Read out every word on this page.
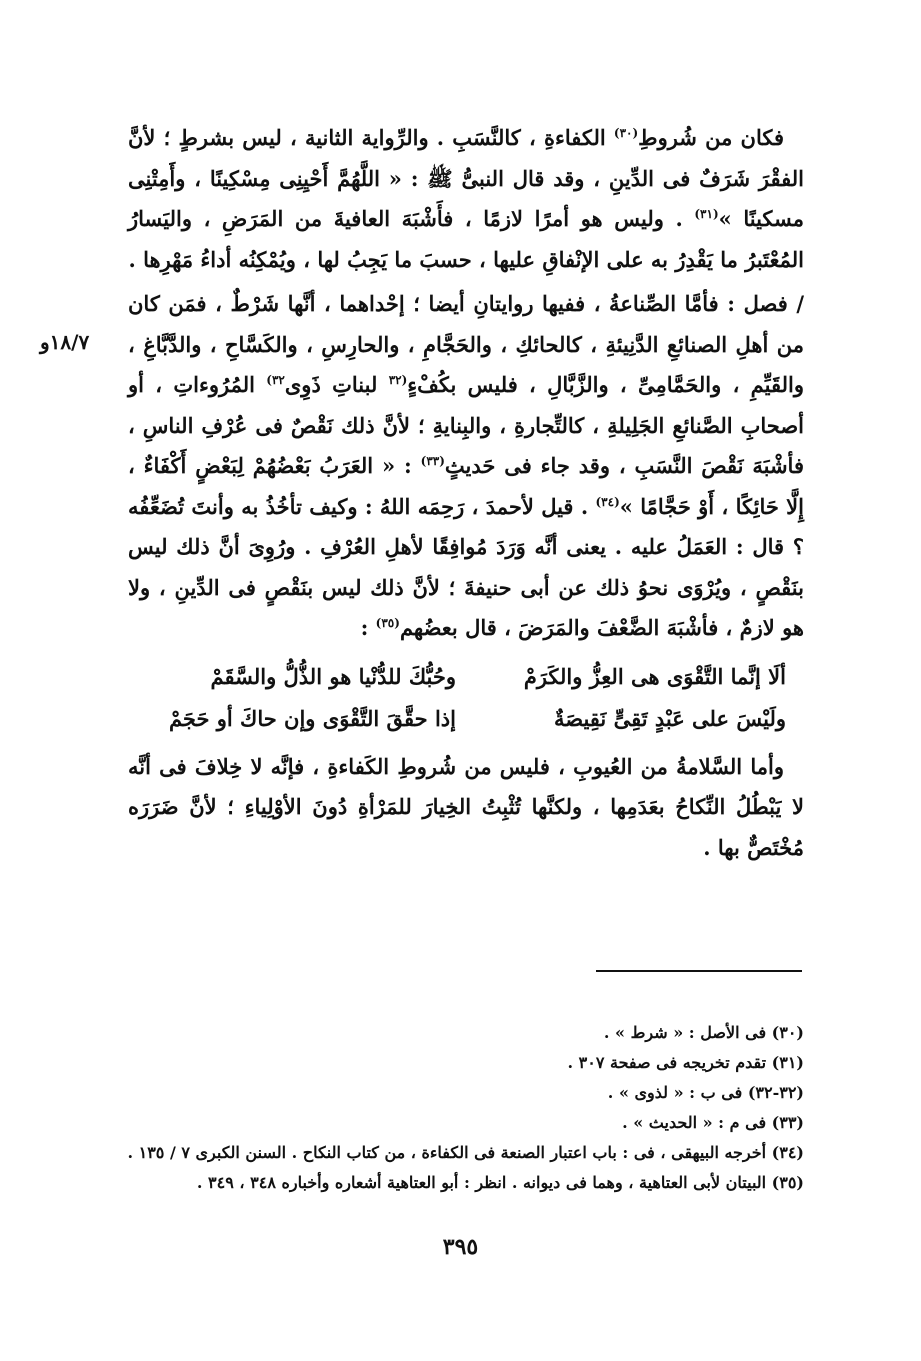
١٨/٧و

فكان من شُروطِ$^{(٣٠)}$ الكفاءةِ ، كالنَّسَبِ . والرِّواية الثانية ، ليس بشرطٍ ؛ لأنَّ الفقْرَ شَرَفٌ فى الدِّينِ ، وقد قال النبىُّ ﷺ : « اللَّهُمَّ أَحْيِنِى مِسْكِينًا ، وأَمِتْنِى مسكينًا »$^{(٣١)}$ . وليس هو أمرًا لازمًا ، فأَشْبَهَ العافيةَ من المَرَضِ ، واليَسارُ المُعْتَبرُ ما يَقْدِرُ به على الإنْفاقِ عليها ، حسبَ ما يَجِبُ لها ، ويُمْكِنُه أداءُ مَهْرِها .

/ فصل : فأمَّا الصِّناعةُ ، ففيها روايتانِ أيضا ؛ إحْداهما ، أنَّها شَرْطٌ ، فمَن كان من أهلِ الصنائعِ الدَّنِيئةِ ، كالحائكِ ، والحَجَّامِ ، والحارِسِ ، والكَسَّاحِ ، والدَّبَّاغِ ، والقَيِّمِ ، والحَمَّامِىِّ ، والزَّبَّالِ ، فليس بكُفْءٍ$^{(٣٢}$ لبناتِ ذَوِى$^{٣٢)}$ المُرُوءاتِ ، أو أصحابِ الصَّنائعِ الجَلِيلةِ ، كالتِّجارةِ ، والبِنايةِ ؛ لأنَّ ذلك نَقْصٌ فى عُرْفِ الناسِ ، فأشْبَهَ نَقْصَ النَّسَبِ ، وقد جاء فى حَديثٍ$^{(٣٣)}$ : « العَرَبُ بَعْضُهُمْ لِبَعْضٍ أَكْفَاءٌ ، إِلَّا حَائِكًا ، أَوْ حَجَّامًا »$^{(٣٤)}$ . قيل لأحمدَ ، رَحِمَه اللهُ : وكيف تأخُذُ به وأنتَ تُضَعِّفُه ؟ قال : العَمَلُ عليه . يعنى أنَّه وَرَدَ مُوافِقًا لأهلِ العُرْفِ . ورُوِىَ أنَّ ذلك ليس بنَقْصٍ ، ويُرْوَى نحوُ ذلك عن أبى حنيفةَ ؛ لأنَّ ذلك ليس بنَقْصٍ فى الدِّينِ ، ولا هو لازمٌ ، فأشْبَهَ الضَّعْفَ والمَرَضَ ، قال بعضُهم$^{(٣٥)}$ :

ألَا إنَّما التَّقْوَى هى العِزُّ والكَرَمْ
وحُبُّكَ للدُّنْيا هو الذُّلُّ والسَّقَمْ
ولَيْسَ على عَبْدٍ تَقِىٍّ نَقِيصَةٌ
إذا حقَّقَ التَّقْوَى وإن حاكَ أو حَجَمْ

وأما السَّلامةُ من العُيوبِ ، فليس من شُروطِ الكَفاءةِ ، فإنَّه لا خِلافَ فى أنَّه لا يَبْطُلُ النِّكاحُ بعَدَمِها ، ولكنَّها تُثْبِتُ الخِيارَ للمَرْأةِ دُونَ الأوْلِياءِ ؛ لأنَّ ضَرَرَه مُخْتَصٌّ بها .

(٣٠) فى الأصل : « شرط » .
(٣١) تقدم تخريجه فى صفحة ٣٠٧ .
(٣٢-٣٢) فى ب : « لذوى » .
(٣٣) فى م : « الحديث » .
(٣٤) أخرجه البيهقى ، فى : باب اعتبار الصنعة فى الكفاءة ، من كتاب النكاح . السنن الكبرى ٧ / ١٣٥ .
(٣٥) البيتان لأبى العتاهية ، وهما فى ديوانه . انظر : أبو العتاهية أشعاره وأخباره ٣٤٨ ، ٣٤٩ .
٣٩٥
